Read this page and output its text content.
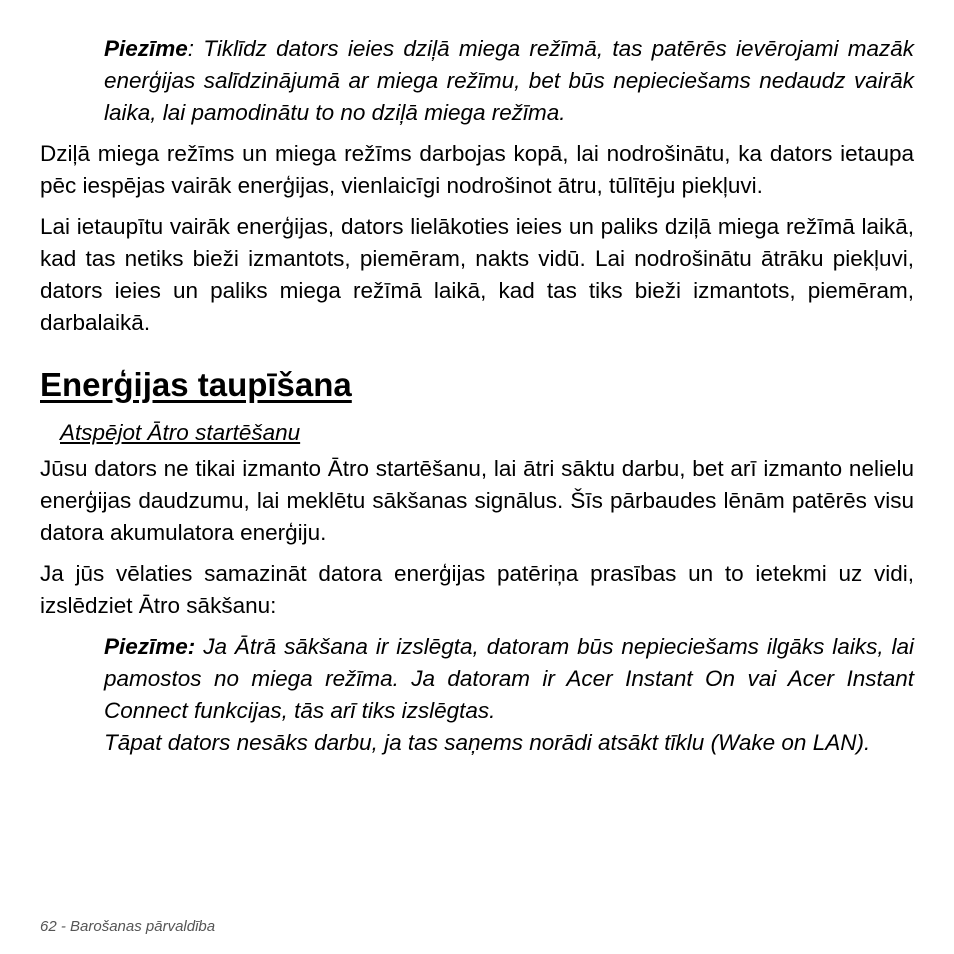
Piezīme: Tiklīdz dators ieies dziļā miega režīmā, tas patērēs ievērojami mazāk enerģijas salīdzinājumā ar miega režīmu, bet būs nepieciešams nedaudz vairāk laika, lai pamodinātu to no dziļā miega režīma.

Dziļā miega režīms un miega režīms darbojas kopā, lai nodrošinātu, ka dators ietaupa pēc iespējas vairāk enerģijas, vienlaicīgi nodrošinot ātru, tūlītēju piekļuvi.

Lai ietaupītu vairāk enerģijas, dators lielākoties ieies un paliks dziļā miega režīmā laikā, kad tas netiks bieži izmantots, piemēram, nakts vidū. Lai nodrošinātu ātrāku piekļuvi, dators ieies un paliks miega režīmā laikā, kad tas tiks bieži izmantots, piemēram, darbalaikā.

Enerģijas taupīšana
Atspējot Ātro startēšanu

Jūsu dators ne tikai izmanto Ātro startēšanu, lai ātri sāktu darbu, bet arī izmanto nelielu enerģijas daudzumu, lai meklētu sākšanas signālus. Šīs pārbaudes lēnām patērēs visu datora akumulatora enerģiju.

Ja jūs vēlaties samazināt datora enerģijas patēriņa prasības un to ietekmi uz vidi, izslēdziet Ātro sākšanu:

Piezīme: Ja Ātrā sākšana ir izslēgta, datoram būs nepieciešams ilgāks laiks, lai pamostos no miega režīma. Ja datoram ir Acer Instant On vai Acer Instant Connect funkcijas, tās arī tiks izslēgtas.

Tāpat dators nesāks darbu, ja tas saņems norādi atsākt tīklu (Wake on LAN).

62 - Barošanas pārvaldība
